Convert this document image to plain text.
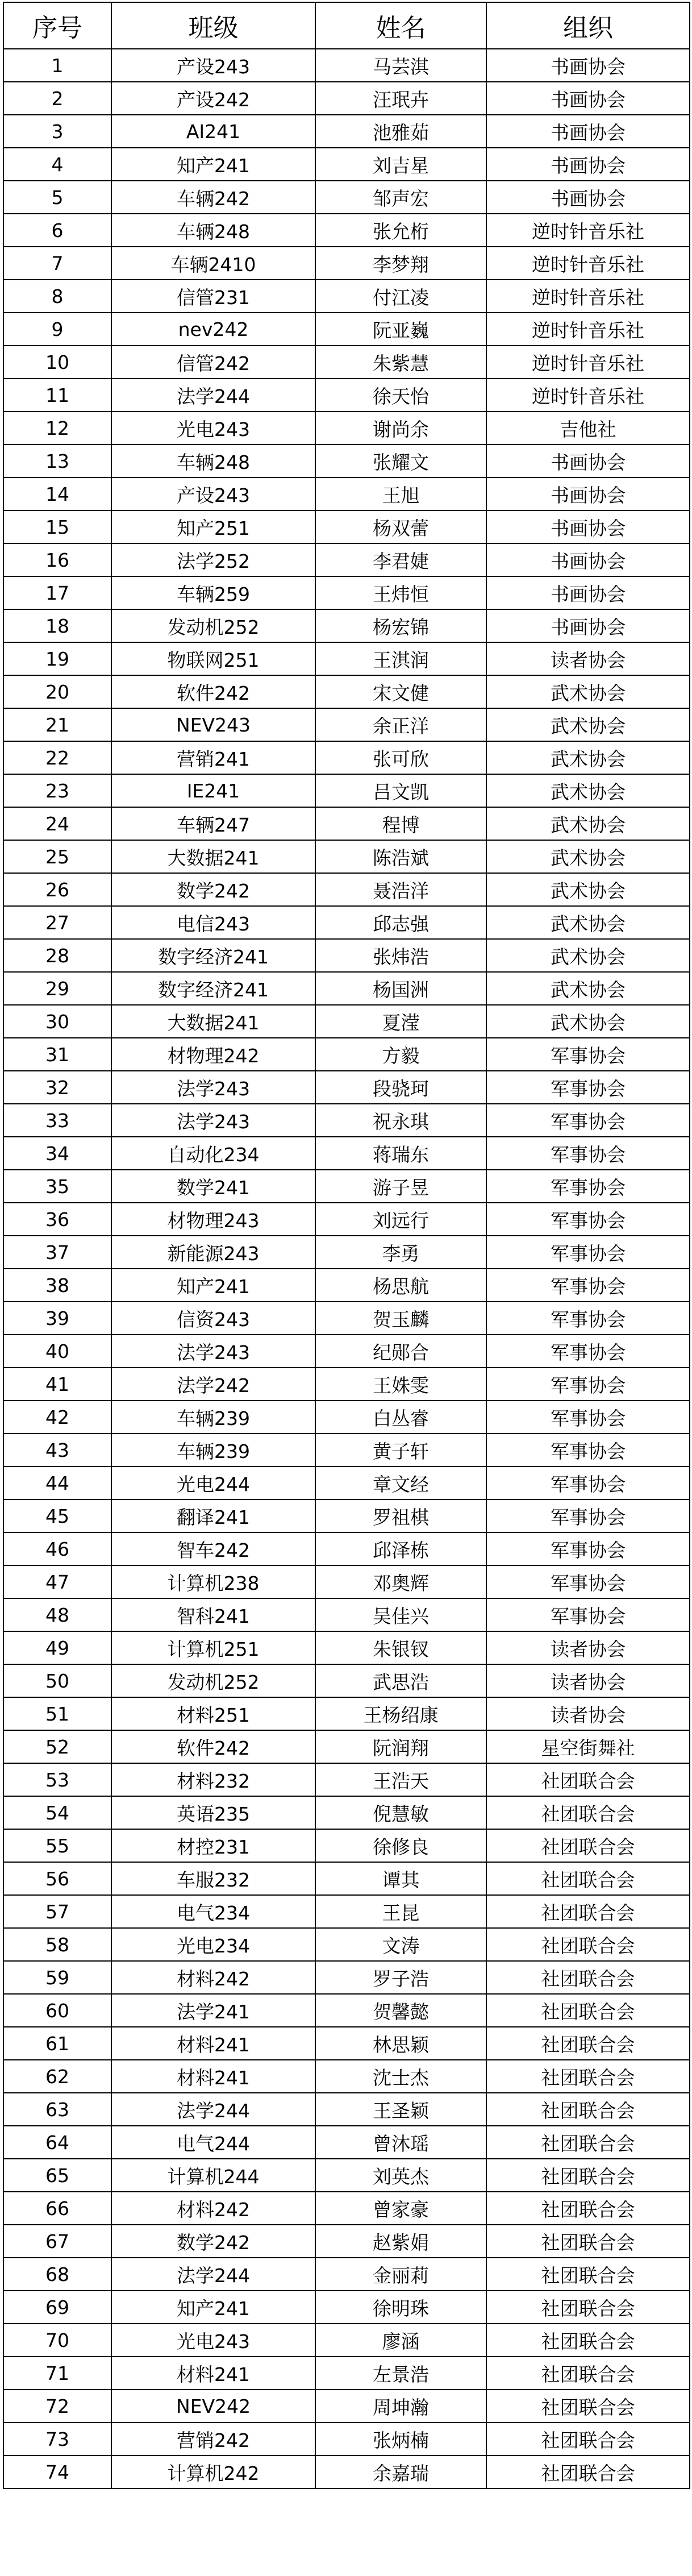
序号	班级	姓名	组织
1	产设243	马芸淇	书画协会
2	产设242	汪珉卉	书画协会
3	AI241	池雅茹	书画协会
4	知产241	刘吉星	书画协会
5	车辆242	邹声宏	书画协会
6	车辆248	张允桁	逆时针音乐社
7	车辆2410	李梦翔	逆时针音乐社
8	信管231	付江凌	逆时针音乐社
9	nev242	阮亚巍	逆时针音乐社
10	信管242	朱紫慧	逆时针音乐社
11	法学244	徐天怡	逆时针音乐社
12	光电243	谢尚余	吉他社
13	车辆248	张耀文	书画协会
14	产设243	王旭	书画协会
15	知产251	杨双蕾	书画协会
16	法学252	李君婕	书画协会
17	车辆259	王炜恒	书画协会
18	发动机252	杨宏锦	书画协会
19	物联网251	王淇润	读者协会
20	软件242	宋文健	武术协会
21	NEV243	余正洋	武术协会
22	营销241	张可欣	武术协会
23	IE241	吕文凯	武术协会
24	车辆247	程博	武术协会
25	大数据241	陈浩斌	武术协会
26	数学242	聂浩洋	武术协会
27	电信243	邱志强	武术协会
28	数字经济241	张炜浩	武术协会
29	数字经济241	杨国洲	武术协会
30	大数据241	夏滢	武术协会
31	材物理242	方毅	军事协会
32	法学243	段骁珂	军事协会
33	法学243	祝永琪	军事协会
34	自动化234	蒋瑞东	军事协会
35	数学241	游子昱	军事协会
36	材物理243	刘远行	军事协会
37	新能源243	李勇	军事协会
38	知产241	杨思航	军事协会
39	信资243	贺玉麟	军事协会
40	法学243	纪郧合	军事协会
41	法学242	王姝雯	军事协会
42	车辆239	白丛睿	军事协会
43	车辆239	黄子轩	军事协会
44	光电244	章文经	军事协会
45	翻译241	罗祖棋	军事协会
46	智车242	邱泽栋	军事协会
47	计算机238	邓奥辉	军事协会
48	智科241	吴佳兴	军事协会
49	计算机251	朱银钗	读者协会
50	发动机252	武思浩	读者协会
51	材料251	王杨绍康	读者协会
52	软件242	阮润翔	星空街舞社
53	材料232	王浩天	社团联合会
54	英语235	倪慧敏	社团联合会
55	材控231	徐修良	社团联合会
56	车服232	谭其	社团联合会
57	电气234	王昆	社团联合会
58	光电234	文涛	社团联合会
59	材料242	罗子浩	社团联合会
60	法学241	贺馨懿	社团联合会
61	材料241	林思颖	社团联合会
62	材料241	沈士杰	社团联合会
63	法学244	王圣颖	社团联合会
64	电气244	曾沐瑶	社团联合会
65	计算机244	刘英杰	社团联合会
66	材料242	曾家豪	社团联合会
67	数学242	赵紫娟	社团联合会
68	法学244	金丽莉	社团联合会
69	知产241	徐明珠	社团联合会
70	光电243	廖涵	社团联合会
71	材料241	左景浩	社团联合会
72	NEV242	周坤瀚	社团联合会
73	营销242	张炳楠	社团联合会
74	计算机242	余嘉瑞	社团联合会
